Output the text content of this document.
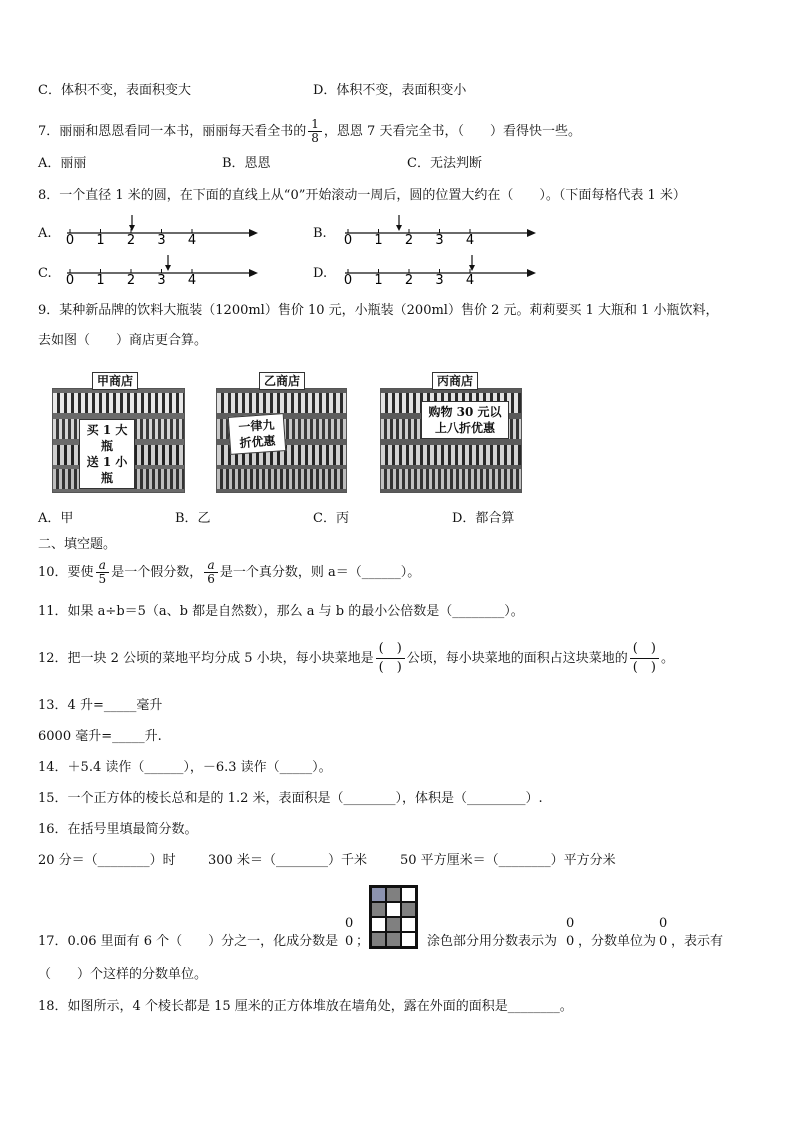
C．体积不变，表面积变大	D．体积不变，表面积变小
7．丽丽和恩恩看同一本书，丽丽每天看全书的 $\frac{1}{8}$ ，恩恩 7 天看完全书，（　　）看得快一些。
A．丽丽	B．恩恩	C．无法判断
8．一个直径 1 米的圆，在下面的直线上从“0”开始滚动一周后，圆的位置大约在（　　）。（下面每格代表 1 米）
A.	B.
C.	D.
0 1 2 3 4	0 1 2 3 4
0 1 2 3 4	0 1 2 3 4
9．某种新品牌的饮料大瓶装（1200ml）售价 10 元，小瓶装（200ml）售价 2 元。莉莉要买 1 大瓶和 1 小瓶饮料，
去如图（　　）商店更合算。
买 1 大瓶
送 1 小瓶
甲商店
一律九
折优惠
乙商店
购物 30 元以
上八折优惠
丙商店
A．甲	B．乙	C．丙	D．都合算
二、填空题。
10．要使 $\frac{a}{5}$ 是一个假分数， $\frac{a}{6}$ 是一个真分数，则 a＝（______）。
11．如果 a÷b＝5（a、b 都是自然数），那么 a 与 b 的最小公倍数是（________）。
12．把一块 2 公顷的菜地平均分成 5 小块，每小块菜地是 $\frac{( )}{( )}$ 公顷，每小块菜地的面积占这块菜地的 $\frac{( )}{( )}$ 。
13．4 升=_____毫升
6000 毫升=_____升.
14．＋5.4 读作（______），－6.3 读作（_____）。
15．一个正方体的棱长总和是的 1.2 米，表面积是（________），体积是（_________）.
16．在括号里填最简分数。
20 分＝（________）时 300 米＝（________）千米	50 平方厘米＝（________）平方分米
17．0.06 里面有 6 个（　　）分之一，化成分数是
0
0 ；	涂色部分用分数表示为
0
0 ，分数单位为
0
0 ，表示有
（　　）个这样的分数单位。
18．如图所示，4 个棱长都是 15 厘米的正方体堆放在墙角处，露在外面的面积是________。
